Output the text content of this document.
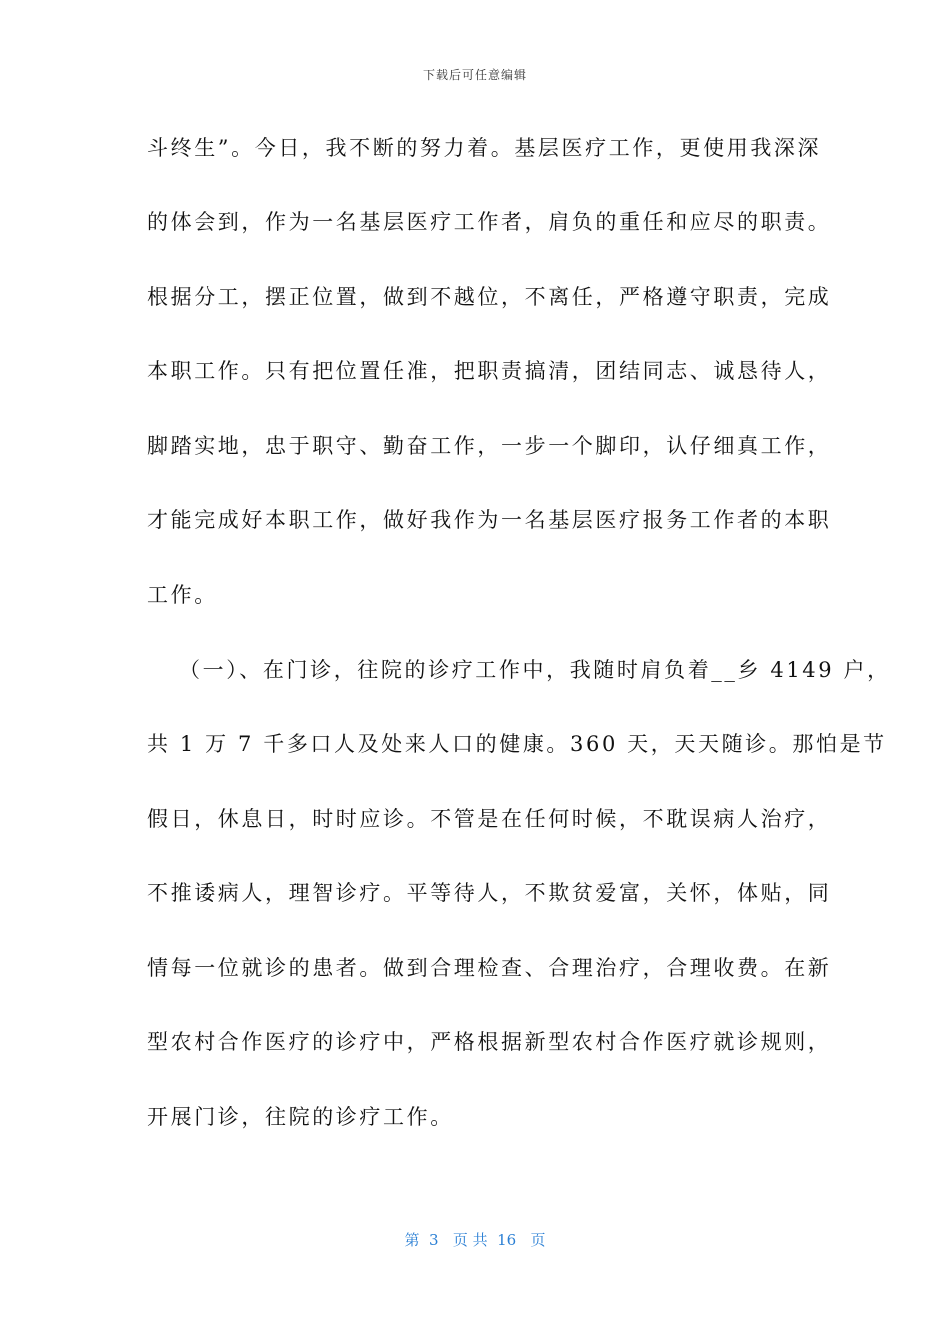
下载后可任意编辑
斗终生”。今日，我不断的努力着。基层医疗工作，更使用我深深
的体会到，作为一名基层医疗工作者，肩负的重任和应尽的职责。
根据分工，摆正位置，做到不越位，不离任，严格遵守职责，完成
本职工作。只有把位置任准，把职责搞清，团结同志、诚恳待人，
脚踏实地，忠于职守、勤奋工作，一步一个脚印，认仔细真工作，
才能完成好本职工作，做好我作为一名基层医疗报务工作者的本职
工作。
（一）、在门诊，往院的诊疗工作中，我随时肩负着__乡 4149 户，
共 1 万 7 千多口人及处来人口的健康。360 天，天天随诊。那怕是节
假日，休息日，时时应诊。不管是在任何时候，不耽误病人治疗，
不推诿病人，理智诊疗。平等待人，不欺贫爱富，关怀，体贴，同
情每一位就诊的患者。做到合理检查、合理治疗，合理收费。在新
型农村合作医疗的诊疗中，严格根据新型农村合作医疗就诊规则，
开展门诊，往院的诊疗工作。
第  3   页 共  16   页
